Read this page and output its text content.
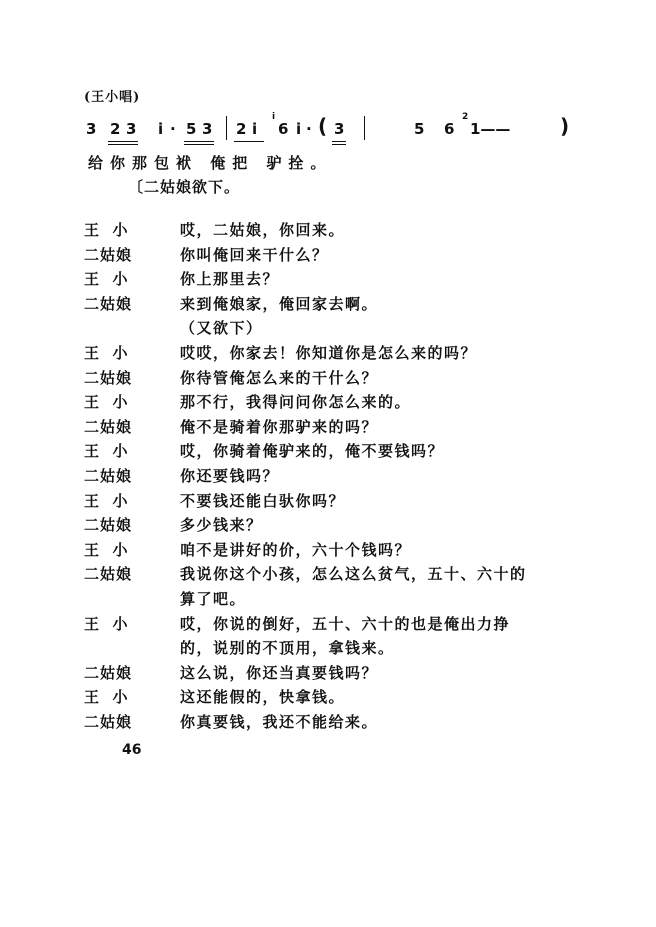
(王小唱)
3 2 3 i · 5 3 2 i
i
6 i · ( 3	5 6
2
1—— )
给你那包袱 俺把 驴拴。
〔二姑娘欲下。
王  小	哎，二姑娘，你回来。
二姑娘	你叫俺回来干什么？
王  小	你上那里去？
二姑娘	来到俺娘家，俺回家去啊。
（又欲下）
王  小	哎哎，你家去！你知道你是怎么来的吗？
二姑娘	你待管俺怎么来的干什么？
王  小	那不行，我得问问你怎么来的。
二姑娘	俺不是骑着你那驴来的吗？
王  小	哎，你骑着俺驴来的，俺不要钱吗？
二姑娘	你还要钱吗？
王  小	不要钱还能白驮你吗？
二姑娘	多少钱来？
王  小	咱不是讲好的价，六十个钱吗？
二姑娘	我说你这个小孩，怎么这么贫气，五十、六十的
算了吧。
王  小	哎，你说的倒好，五十、六十的也是俺出力挣
的，说别的不顶用，拿钱来。
二姑娘	这么说，你还当真要钱吗？
王  小	这还能假的，快拿钱。
二姑娘	你真要钱，我还不能给来。
46
